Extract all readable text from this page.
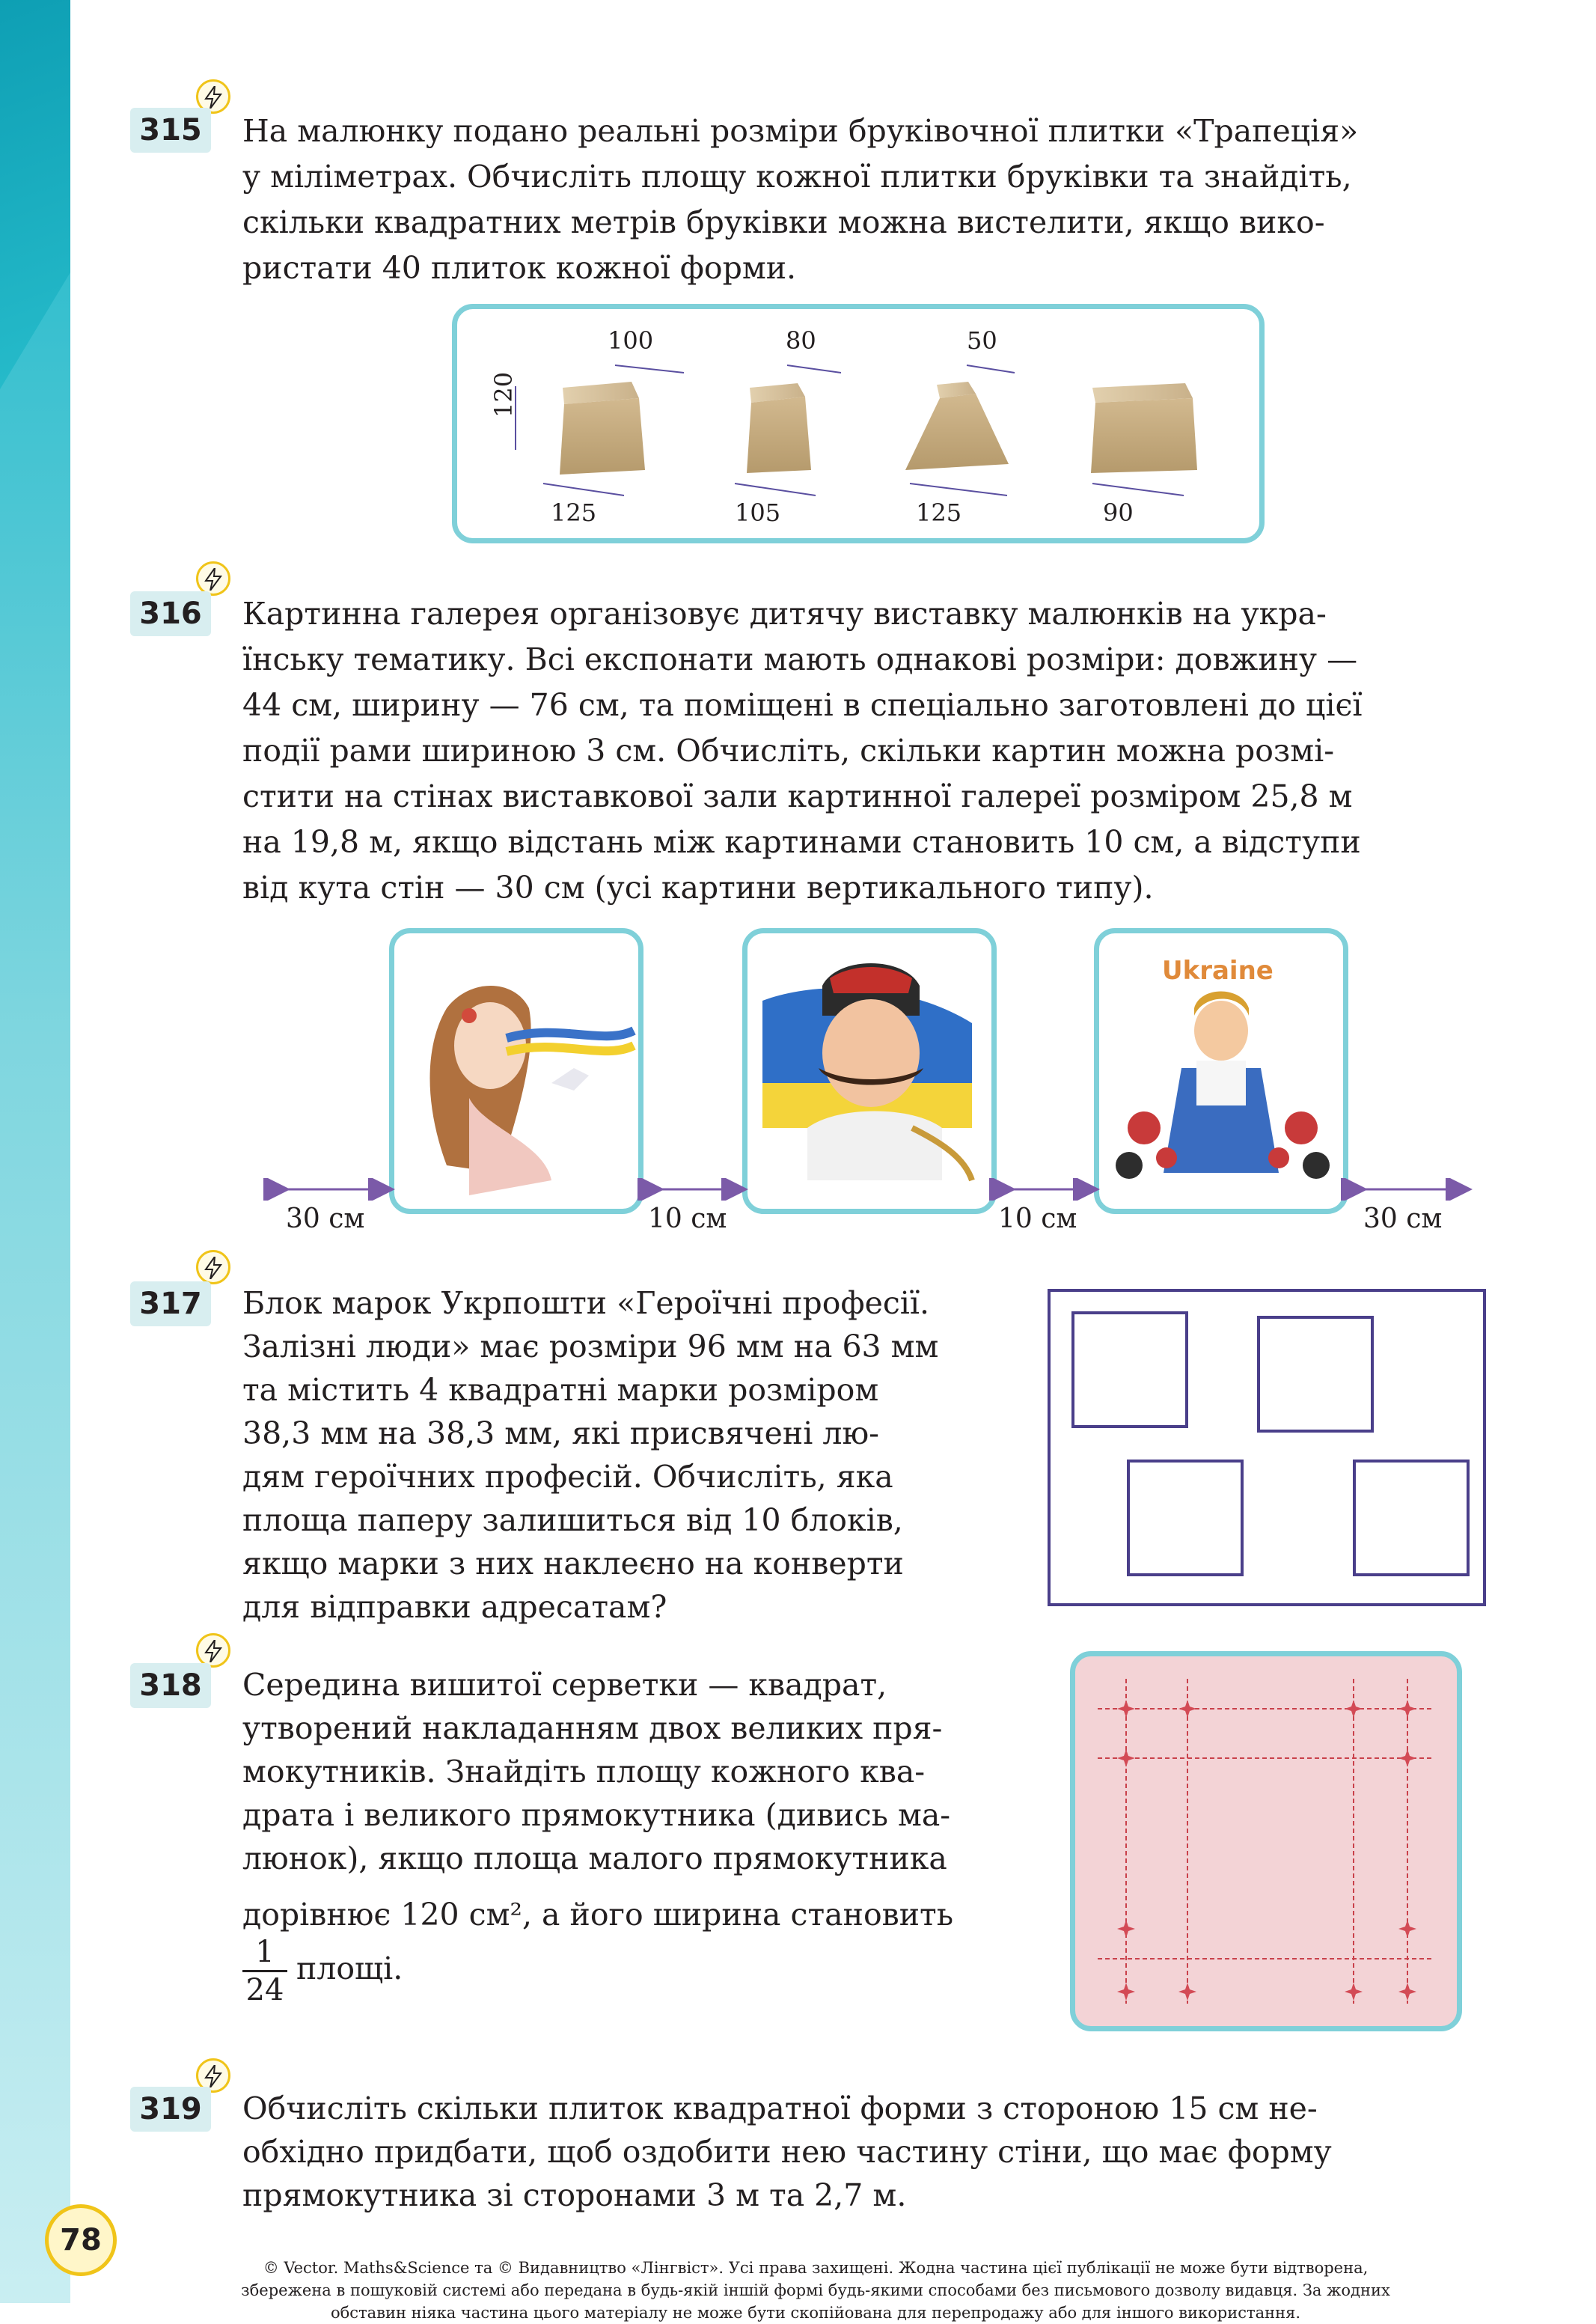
315 На малюнку подано реальні розміри бруківочної плитки «Трапеція»
у міліметрах. Обчисліть площу кожної плитки бруківки та знайдіть,
скільки квадратних метрів бруківки можна вистелити, якщо вико-
ристати 40 плиток кожної форми.
120
100	80	50
125	105	125	90
316 Картинна галерея організовує дитячу виставку малюнків на укра-
їнську тематику. Всі експонати мають однакові розміри: довжину —
44 см, ширину — 76 см, та поміщені в спеціально заготовлені до цієї
події рами шириною 3 см. Обчисліть, скільки картин можна розмі-
стити на стінах виставкової зали картинної галереї розміром 25,8 м
на 19,8 м, якщо відстань між картинами становить 10 см, а відступи
від кута стін — 30 см (усі картини вертикального типу).
Ukraine
30 см	10 см	10 см	30 см
317 Блок марок Укрпошти «Героїчні професії.
Залізні люди» має розміри 96 мм на 63 мм
та містить 4 квадратні марки розміром
38,3 мм на 38,3 мм, які присвячені лю-
дям героїчних професій. Обчисліть, яка
площа паперу залишиться від 10 блоків,
якщо марки з них наклеєно на конверти
для відправки адресатам?
318 Середина вишитої серветки — квадрат,
утворений накладанням двох великих пря-
мокутників. Знайдіть площу кожного ква-
драта і великого прямокутника (дивись ма-
люнок), якщо площа малого прямокутника
дорівнює 120 см², а його ширина становить
$\frac{1}{24}$ площі.
319 Обчисліть скільки плиток квадратної форми з стороною 15 см не-
обхідно придбати, щоб оздобити нею частину стіни, що має форму
прямокутника зі сторонами 3 м та 2,7 м.
78
© Vector. Maths&Science та © Видавництво «Лінгвіст». Усі права захищені. Жодна частина цієї публікації не може бути відтворена,
збережена в пошуковій системі або передана в будь-якій іншій формі будь-якими способами без письмового дозволу видавця. За жодних
обставин ніяка частина цього матеріалу не може бути скопійована для перепродажу або для іншого використання.
